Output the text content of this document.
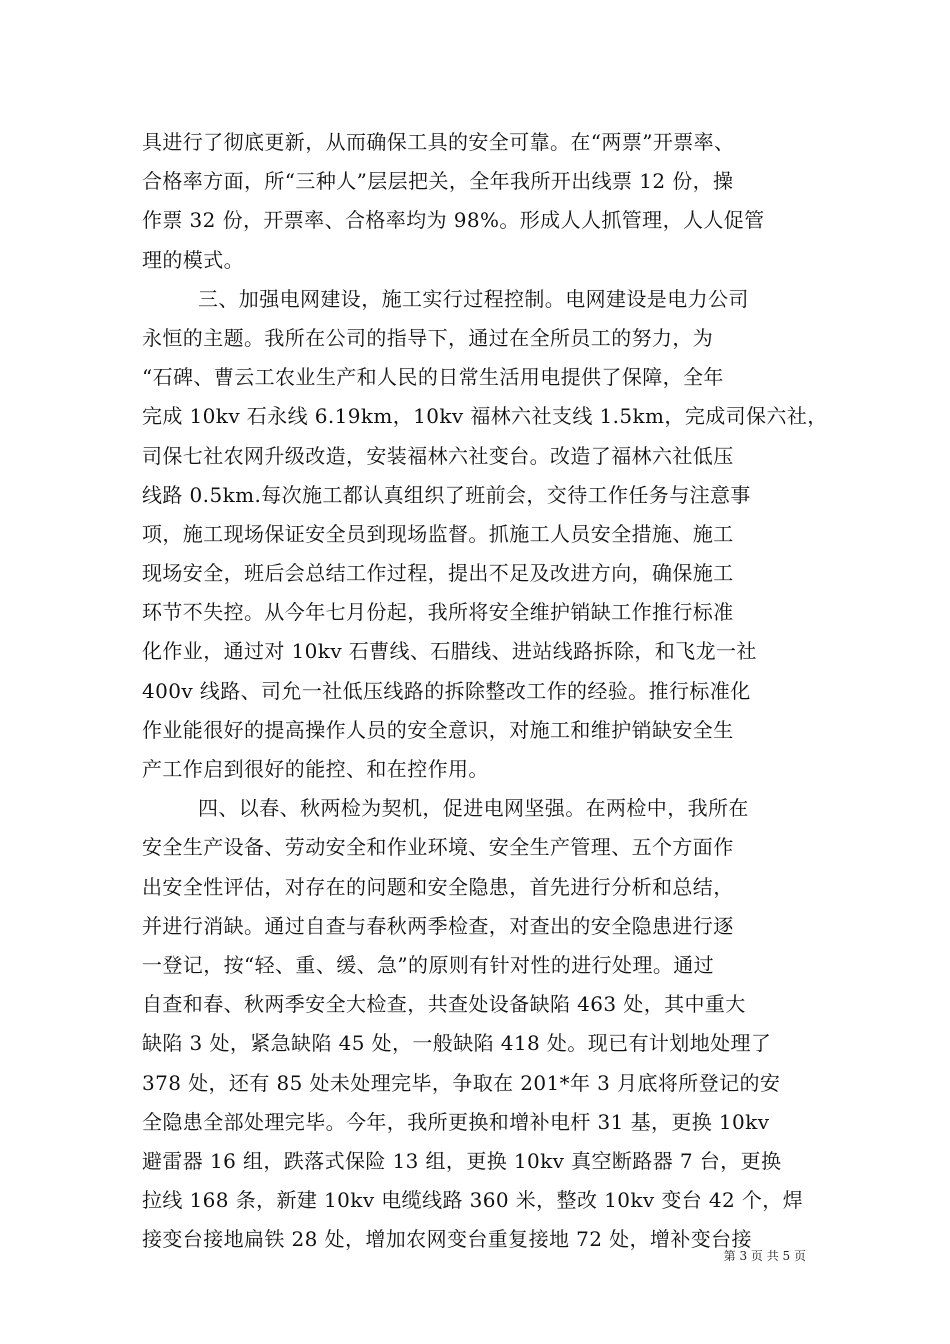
具进行了彻底更新，从而确保工具的安全可靠。在“两票”开票率、
合格率方面，所“三种人”层层把关，全年我所开出线票 12 份，操
作票 32 份，开票率、合格率均为 98%。形成人人抓管理，人人促管
理的模式。
三、加强电网建设，施工实行过程控制。电网建设是电力公司
永恒的主题。我所在公司的指导下，通过在全所员工的努力，为
“石碑、曹云工农业生产和人民的日常生活用电提供了保障，全年
完成 10kv 石永线 6.19km，10kv 福林六社支线 1.5km，完成司保六社，
司保七社农网升级改造，安装福林六社变台。改造了福林六社低压
线路 0.5km.每次施工都认真组织了班前会，交待工作任务与注意事
项，施工现场保证安全员到现场监督。抓施工人员安全措施、施工
现场安全，班后会总结工作过程，提出不足及改进方向，确保施工
环节不失控。从今年七月份起，我所将安全维护销缺工作推行标准
化作业，通过对 10kv 石曹线、石腊线、进站线路拆除，和飞龙一社
400v 线路、司允一社低压线路的拆除整改工作的经验。推行标准化
作业能很好的提高操作人员的安全意识，对施工和维护销缺安全生
产工作启到很好的能控、和在控作用。
四、以春、秋两检为契机，促进电网坚强。在两检中，我所在
安全生产设备、劳动安全和作业环境、安全生产管理、五个方面作
出安全性评估，对存在的问题和安全隐患，首先进行分析和总结，
并进行消缺。通过自查与春秋两季检查，对查出的安全隐患进行逐
一登记，按“轻、重、缓、急”的原则有针对性的进行处理。通过
自查和春、秋两季安全大检查，共查处设备缺陷 463 处，其中重大
缺陷 3 处，紧急缺陷 45 处，一般缺陷 418 处。现已有计划地处理了
378 处，还有 85 处未处理完毕，争取在 201*年 3 月底将所登记的安
全隐患全部处理完毕。今年，我所更换和增补电杆 31 基，更换 10kv
避雷器 16 组，跌落式保险 13 组，更换 10kv 真空断路器 7 台，更换
拉线 168 条，新建 10kv 电缆线路 360 米，整改 10kv 变台 42 个，焊
接变台接地扁铁 28 处，增加农网变台重复接地 72 处，增补变台接
第 3 页 共 5 页
